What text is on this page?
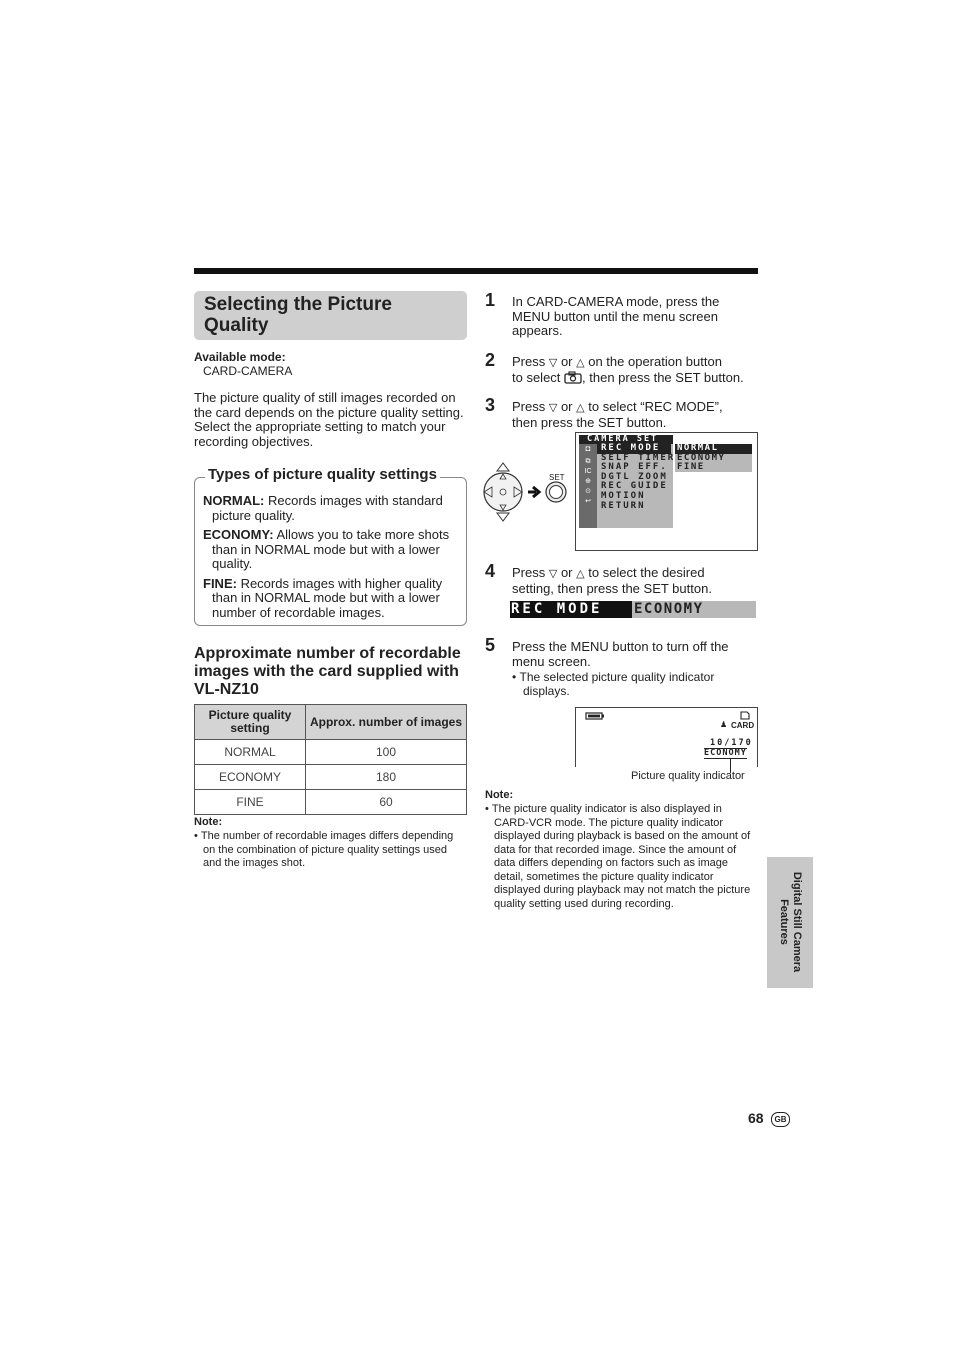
Selecting the Picture Quality
Available mode:
CARD-CAMERA
The picture quality of still images recorded on the card depends on the picture quality setting. Select the appropriate setting to match your recording objectives.
Types of picture quality settings
NORMAL: Records images with standard picture quality.
ECONOMY: Allows you to take more shots than in NORMAL mode but with a lower quality.
FINE: Records images with higher quality than in NORMAL mode but with a lower number of recordable images.
Approximate number of recordable images with the card supplied with VL-NZ10
Picture quality setting	Approx. number of images
NORMAL	100
ECONOMY	180
FINE	60
Note:
• The number of recordable images differs depending on the combination of picture quality settings used and the images shot.
1 In CARD-CAMERA mode, press the MENU button until the menu screen appears.
2 Press ▽ or △ on the operation button
to select , then press the SET button.
3 Press ▽ or △ to select “REC MODE”,
then press the SET button.
SET
CAMERA SET
◘
⧉
IC
⊕
⊙
↩
REC MODE
SELF TIMER
SNAP EFF.
DGTL ZOOM
REC GUIDE
MOTION
RETURN
NORMAL
ECONOMY
FINE
4 Press ▽ or △ to select the desired
setting, then press the SET button.
REC MODE ECONOMY
5 Press the MENU button to turn off the menu screen.
• The selected picture quality indicator displays.
♟ CARD
10/170
ECONOMY
Picture quality indicator
Note:
• The picture quality indicator is also displayed in CARD-VCR mode. The picture quality indicator displayed during playback is based on the amount of data for that recorded image. Since the amount of data differs depending on factors such as image detail, sometimes the picture quality indicator displayed during playback may not match the picture quality setting used during recording.	Digital Still Camera
Features
68	GB
